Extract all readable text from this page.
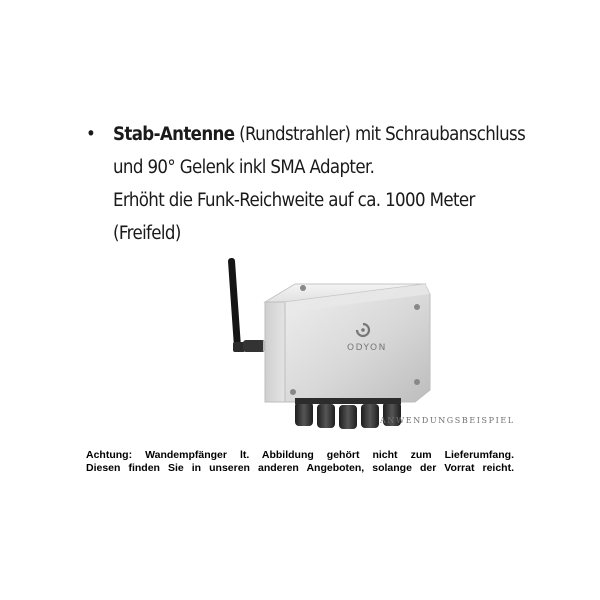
• Stab-Antenne (Rundstrahler) mit Schraubanschluss
und 90° Gelenk inkl SMA Adapter.
Erhöht die Funk-Reichweite auf ca. 1000 Meter
(Freifeld)
ODYON
ANWENDUNGSBEISPIEL
Achtung: Wandempfänger lt. Abbildung gehört nicht zum Lieferumfang.
Diesen finden Sie in unseren anderen Angeboten, solange der Vorrat reicht.
